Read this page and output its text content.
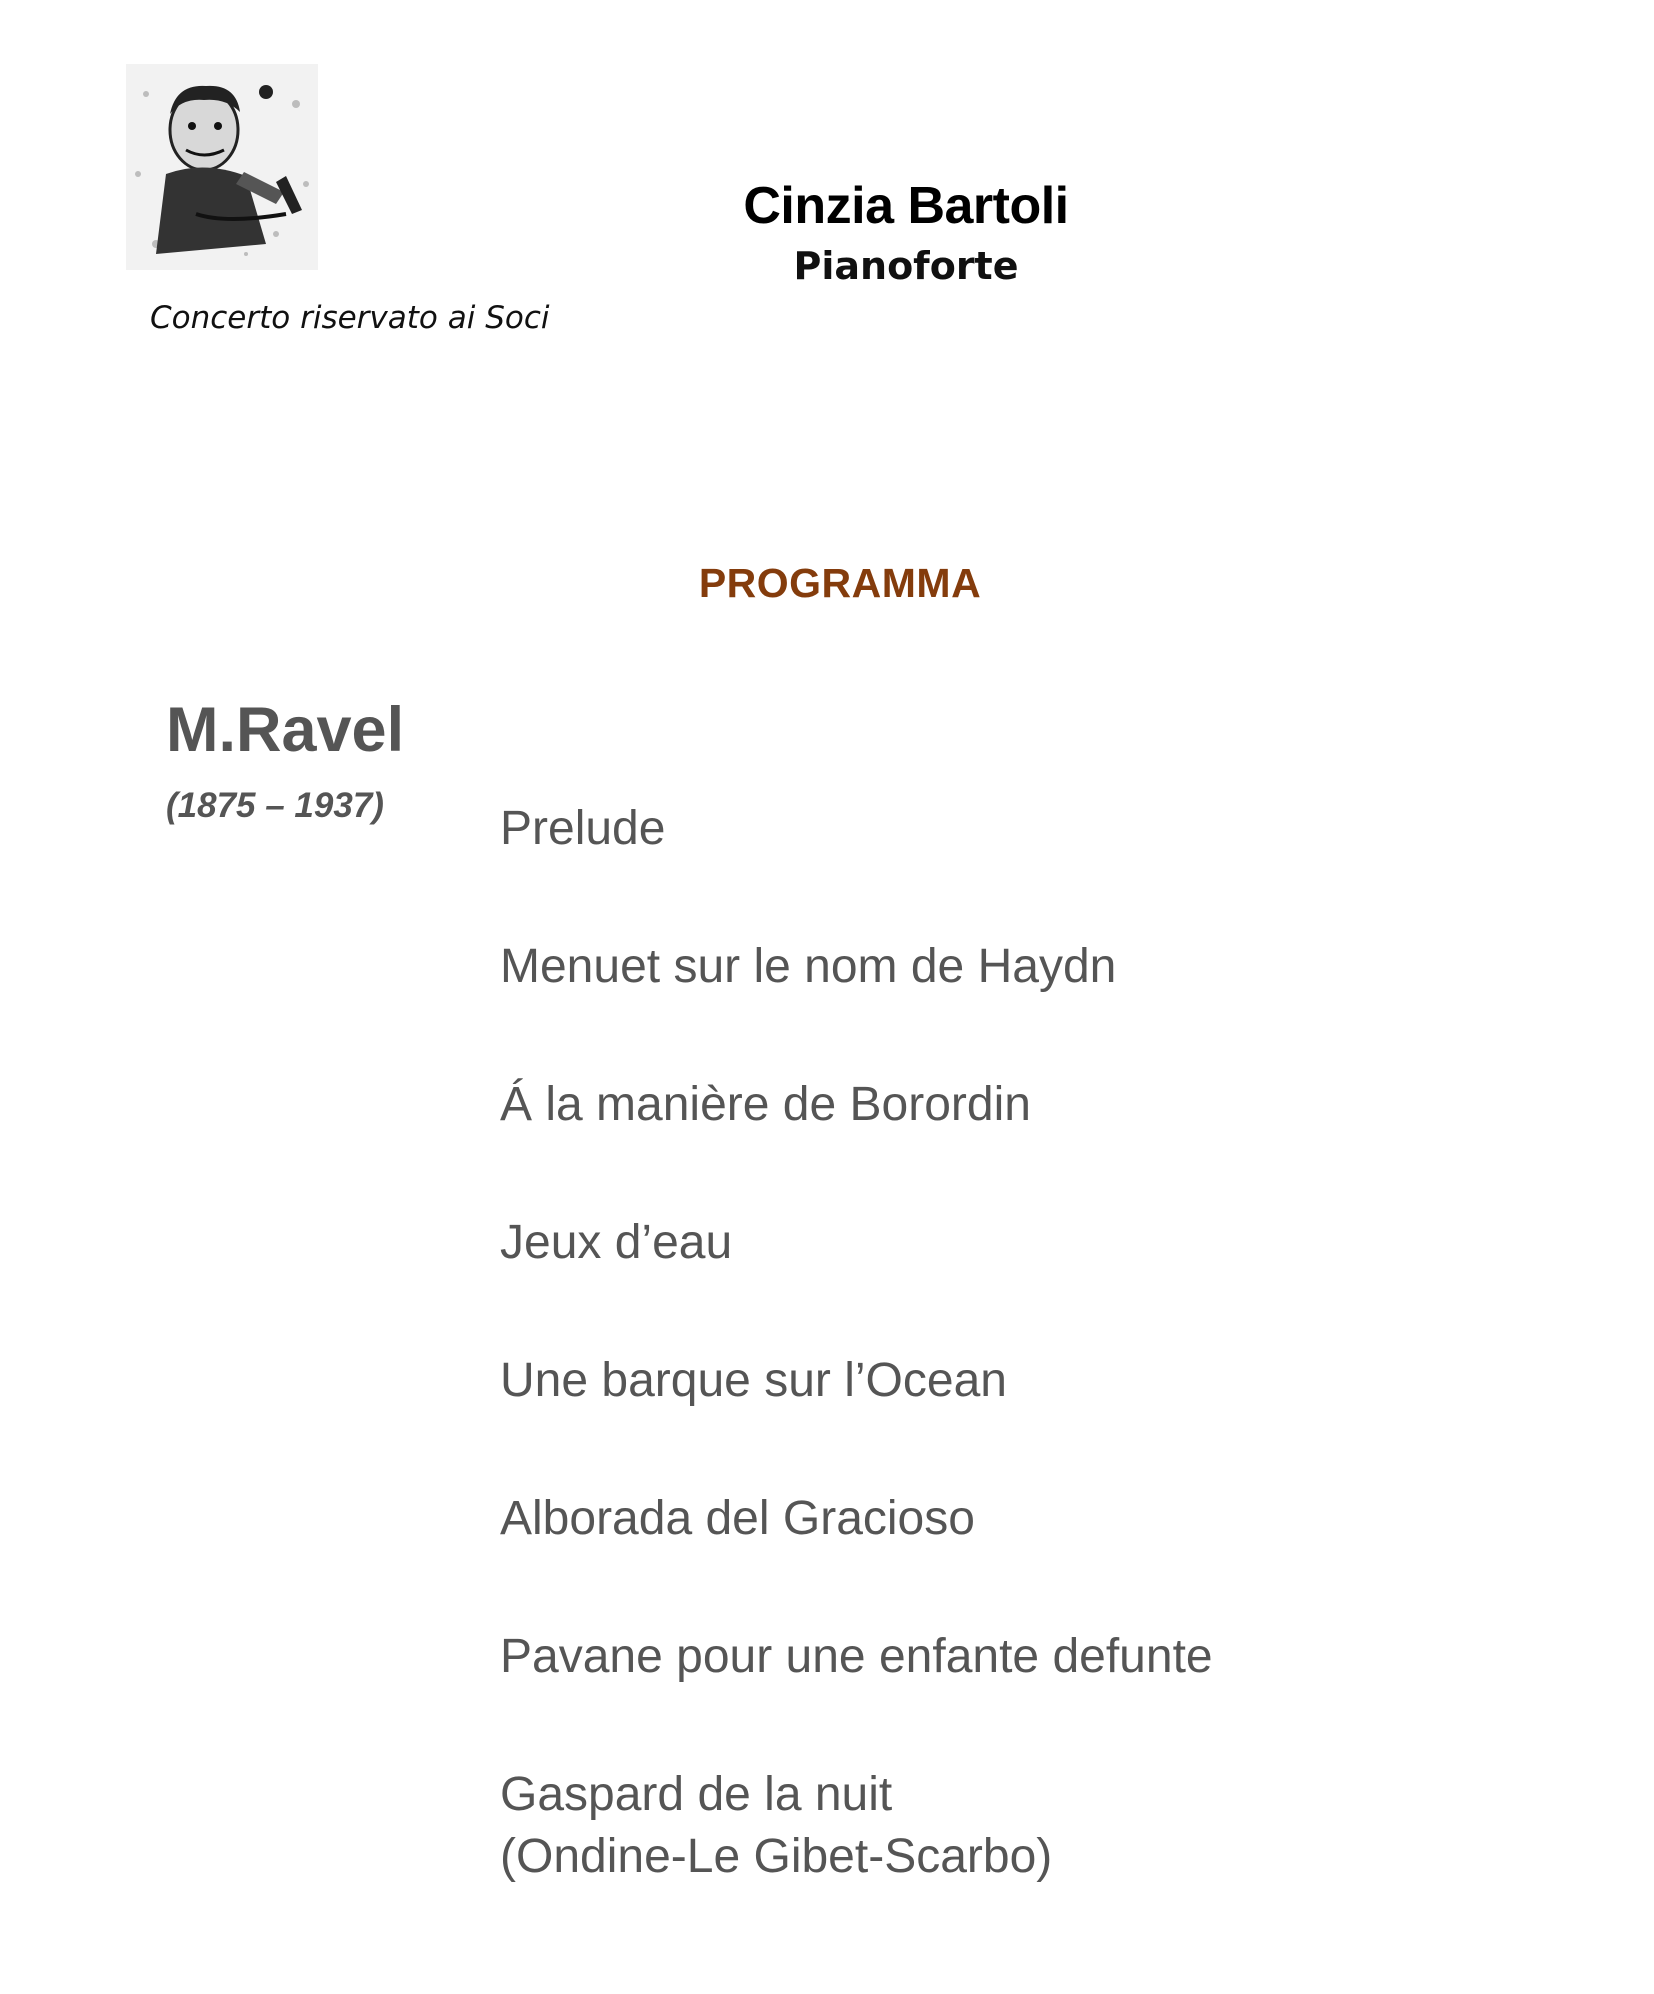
Concerto riservato ai Soci
Cinzia Bartoli
Pianoforte
PROGRAMMA
M.Ravel
(1875 – 1937) Prelude
Menuet sur le nom de Haydn
Á la manière de Borordin
Jeux d’eau
Une barque sur l’Ocean
Alborada del Gracioso
Pavane pour une enfante defunte
Gaspard de la nuit
(Ondine-Le Gibet-Scarbo)
